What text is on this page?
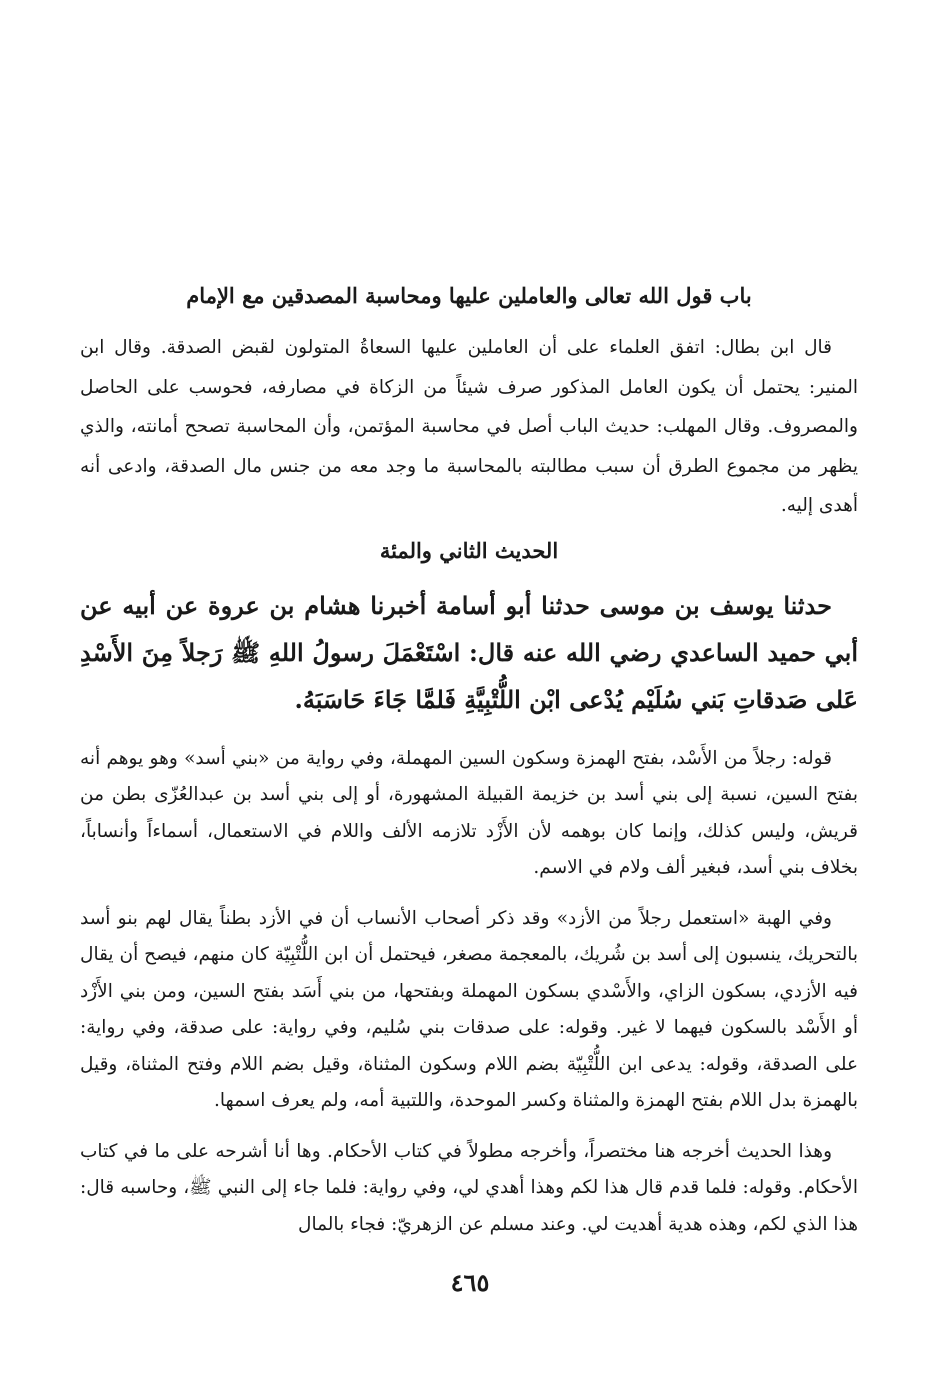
باب قول الله تعالى والعاملين عليها ومحاسبة المصدقين مع الإمام

قال ابن بطال: اتفق العلماء على أن العاملين عليها السعاةُ المتولون لقبض الصدقة. وقال ابن المنير: يحتمل أن يكون العامل المذكور صرف شيئاً من الزكاة في مصارفه، فحوسب على الحاصل والمصروف. وقال المهلب: حديث الباب أصل في محاسبة المؤتمن، وأن المحاسبة تصحح أمانته، والذي يظهر من مجموع الطرق أن سبب مطالبته بالمحاسبة ما وجد معه من جنس مال الصدقة، وادعى أنه أهدى إليه.

الحديث الثاني والمئة

حدثنا يوسف بن موسى حدثنا أبو أسامة أخبرنا هشام بن عروة عن أبيه عن أبي حميد الساعدي رضي الله عنه قال: اسْتَعْمَلَ رسولُ اللهِ ﷺ رَجلاً مِنَ الأَسْدِ عَلى صَدقاتِ بَني سُلَيْم يُدْعى ابْن اللُّتْبِيَّةِ فَلمَّا جَاءَ حَاسَبَهُ.

قوله: رجلاً من الأَسْد، بفتح الهمزة وسكون السين المهملة، وفي رواية من «بني أسد» وهو يوهم أنه بفتح السين، نسبة إلى بني أسد بن خزيمة القبيلة المشهورة، أو إلى بني أسد بن عبدالعُزّى بطن من قريش، وليس كذلك، وإنما كان بوهمه لأن الأَزْد تلازمه الألف واللام في الاستعمال، أسماءاً وأنساباً، بخلاف بني أسد، فبغير ألف ولام في الاسم.

وفي الهبة «استعمل رجلاً من الأزد» وقد ذكر أصحاب الأنساب أن في الأزد بطناً يقال لهم بنو أسد بالتحريك، ينسبون إلى أسد بن شُريك، بالمعجمة مصغر، فيحتمل أن ابن اللُّتْبِيّة كان منهم، فيصح أن يقال فيه الأزدي، بسكون الزاي، والأَسْدي بسكون المهملة وبفتحها، من بني أَسَد بفتح السين، ومن بني الأَزْد أو الأَسْد بالسكون فيهما لا غير. وقوله: على صدقات بني سُليم، وفي رواية: على صدقة، وفي رواية: على الصدقة، وقوله: يدعى ابن اللُّتْبِيّة بضم اللام وسكون المثناة، وقيل بضم اللام وفتح المثناة، وقيل بالهمزة بدل اللام بفتح الهمزة والمثناة وكسر الموحدة، واللتبية أمه، ولم يعرف اسمها.

وهذا الحديث أخرجه هنا مختصراً، وأخرجه مطولاً في كتاب الأحكام. وها أنا أشرحه على ما في كتاب الأحكام. وقوله: فلما قدم قال هذا لكم وهذا أهدي لي، وفي رواية: فلما جاء إلى النبي ﷺ، وحاسبه قال: هذا الذي لكم، وهذه هدية أهديت لي. وعند مسلم عن الزهريّ: فجاء بالمال

٤٦٥
